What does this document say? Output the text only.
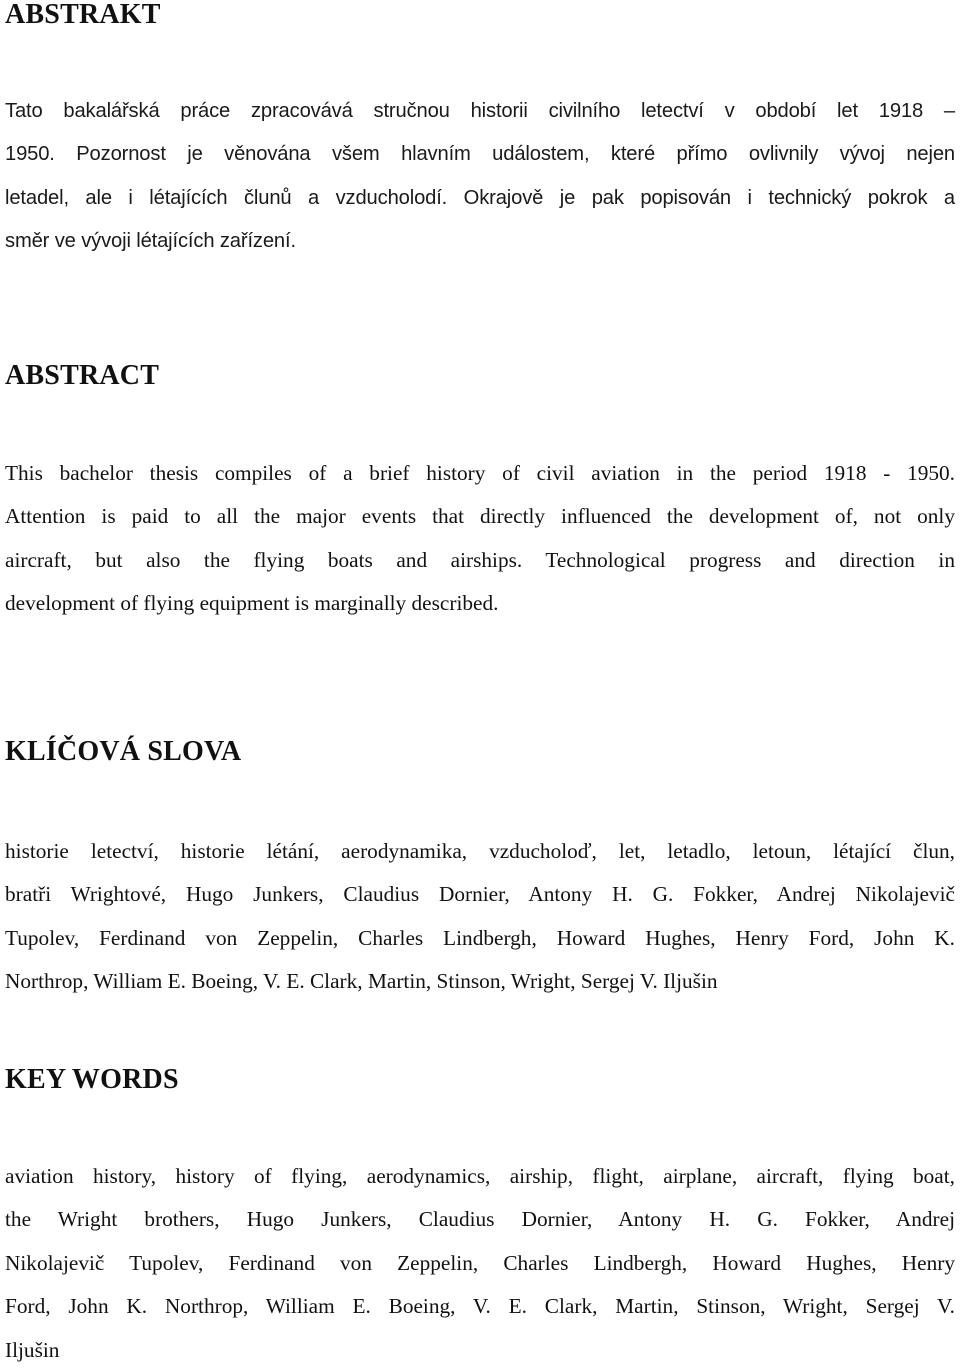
ABSTRAKT
Tato bakalářská práce zpracovává stručnou historii civilního letectví v období let 1918 –
1950. Pozornost je věnována všem hlavním událostem, které přímo ovlivnily vývoj nejen
letadel, ale i létajících člunů a vzducholodí. Okrajově je pak popisován i technický pokrok a
směr ve vývoji létajících zařízení.
ABSTRACT
This bachelor thesis compiles of a brief history of civil aviation in the period 1918 - 1950.
Attention is paid to all the major events that directly influenced the development of, not only
aircraft, but also the flying boats and airships. Technological progress and direction in
development of flying equipment is marginally described.
KLÍČOVÁ SLOVA
historie letectví, historie létání, aerodynamika, vzducholoď, let, letadlo, letoun, létající člun,
bratři Wrightové, Hugo Junkers, Claudius Dornier, Antony H. G. Fokker, Andrej Nikolajevič
Tupolev, Ferdinand von Zeppelin, Charles Lindbergh, Howard Hughes, Henry Ford, John K.
Northrop, William E. Boeing, V. E. Clark, Martin, Stinson, Wright, Sergej V. Iljušin
KEY WORDS
aviation history, history of flying, aerodynamics, airship, flight, airplane, aircraft, flying boat,
the Wright brothers, Hugo Junkers, Claudius Dornier, Antony H. G. Fokker, Andrej
Nikolajevič Tupolev, Ferdinand von Zeppelin, Charles Lindbergh, Howard Hughes, Henry
Ford, John K. Northrop, William E. Boeing, V. E. Clark, Martin, Stinson, Wright, Sergej V.
Iljušin
